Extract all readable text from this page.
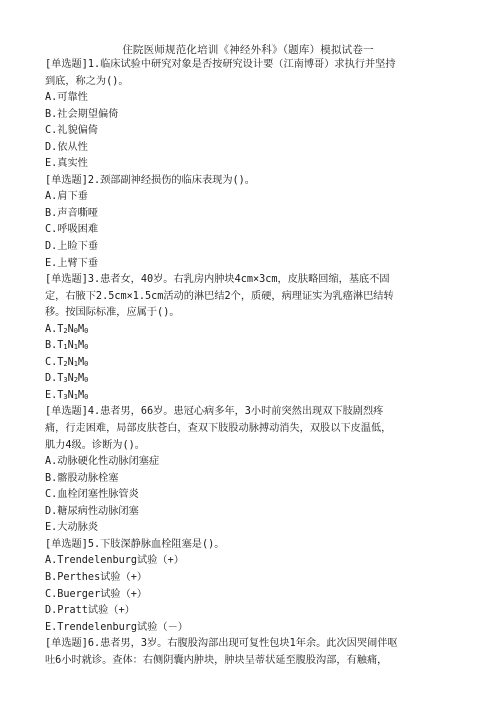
住院医师规范化培训《神经外科》（题库）模拟试卷一
[单选题]1.临床试验中研究对象是否按研究设计要（江南博哥）求执行并坚持
到底，称之为()。
A.可靠性
B.社会期望偏倚
C.礼貌偏倚
D.依从性
E.真实性
[单选题]2.颈部副神经损伤的临床表现为()。
A.肩下垂
B.声音嘶哑
C.呼吸困难
D.上睑下垂
E.上臂下垂
[单选题]3.患者女，40岁。右乳房内肿块4cm×3cm，皮肤略回缩，基底不固
定，右腋下2.5cm×1.5cm活动的淋巴结2个，质硬，病理证实为乳癌淋巴结转
移。按国际标准，应属于()。
$A.T_2N_0M_0$
$B.T_1N_1M_0$
$C.T_2N_1M_0$
$D.T_3N_2M_0$
$E.T_3N_1M_0$
[单选题]4.患者男，66岁。患冠心病多年，3小时前突然出现双下肢剧烈疼
痛，行走困难，局部皮肤苍白，查双下肢股动脉搏动消失，双股以下皮温低，
肌力4级。诊断为()。
A.动脉硬化性动脉闭塞症
B.髂股动脉栓塞
C.血栓闭塞性脉管炎
D.糖尿病性动脉闭塞
E.大动脉炎
[单选题]5.下肢深静脉血栓阻塞是()。
A.Trendelenburg试验（+）
B.Perthes试验（+）
C.Buerger试验（+）
D.Pratt试验（+）
E.Trendelenburg试验（－）
[单选题]6.患者男，3岁。右腹股沟部出现可复性包块1年余。此次因哭闹伴呕
吐6小时就诊。查体：右侧阴囊内肿块，肿块呈蒂状延至腹股沟部，有触痛，
